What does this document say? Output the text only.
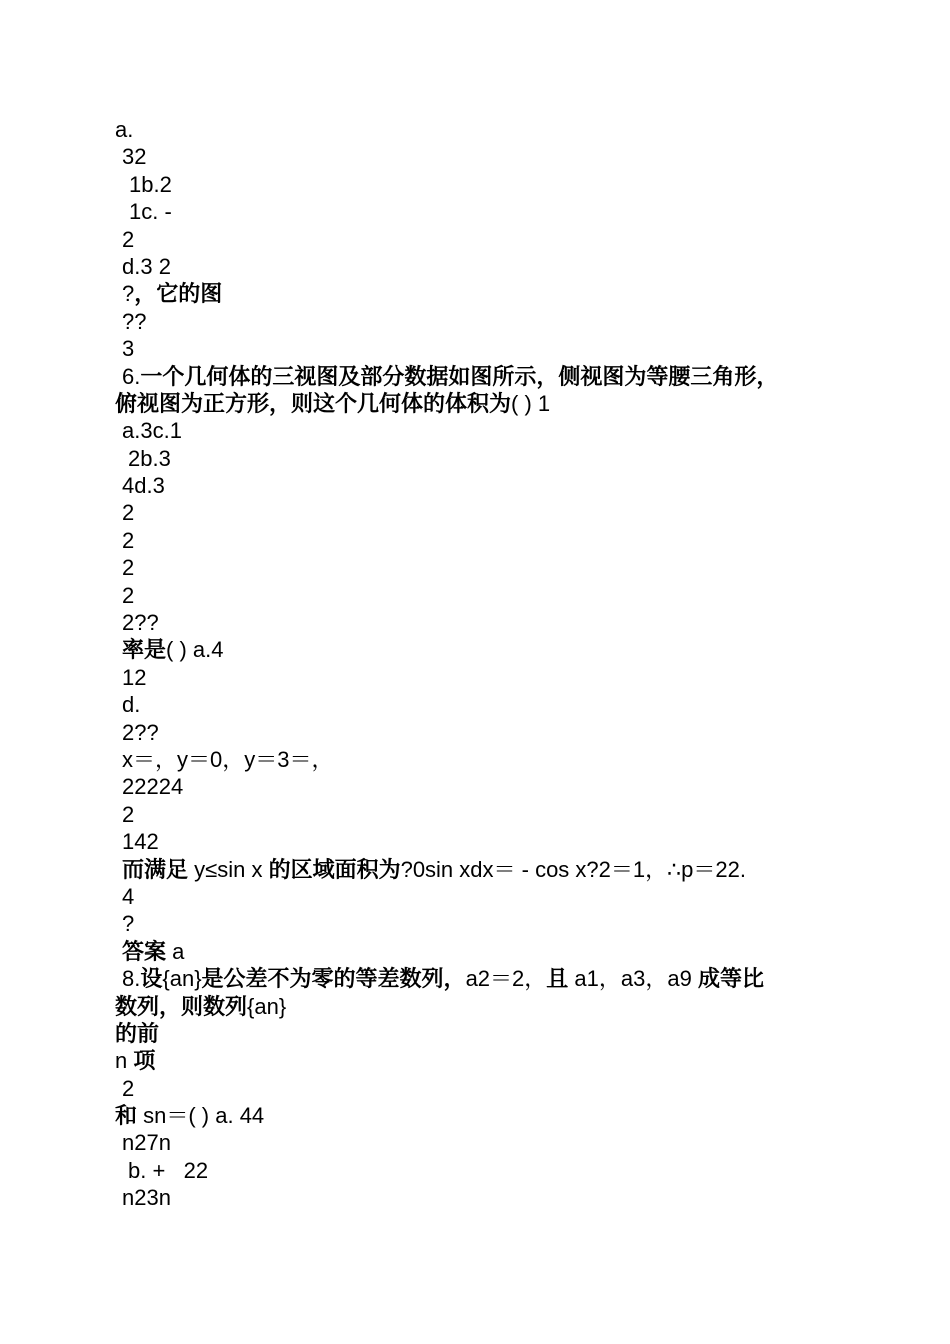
a.
32
1b.2
1c. -
2
d.3 2
?，它的图
??
3
6.一个几何体的三视图及部分数据如图所示，侧视图为等腰三角形，
俯视图为正方形，则这个几何体的体积为( ) 1
a.3c.1
2b.3
4d.3
2
2
2
2
2??
率是( ) a.4
12
d.
2??
x＝，y＝0，y＝3＝，
22224
2
142
而满足 y≤sin x 的区域面积为?0sin xdx＝ - cos x?2＝1，∴p＝22.
4
?
答案 a
8.设{an}是公差不为零的等差数列，a2＝2，且 a1，a3，a9 成等比
数列，则数列{an}
的前
n 项
2
和 sn＝( ) a. 44
n27n
b. +   22
n23n
